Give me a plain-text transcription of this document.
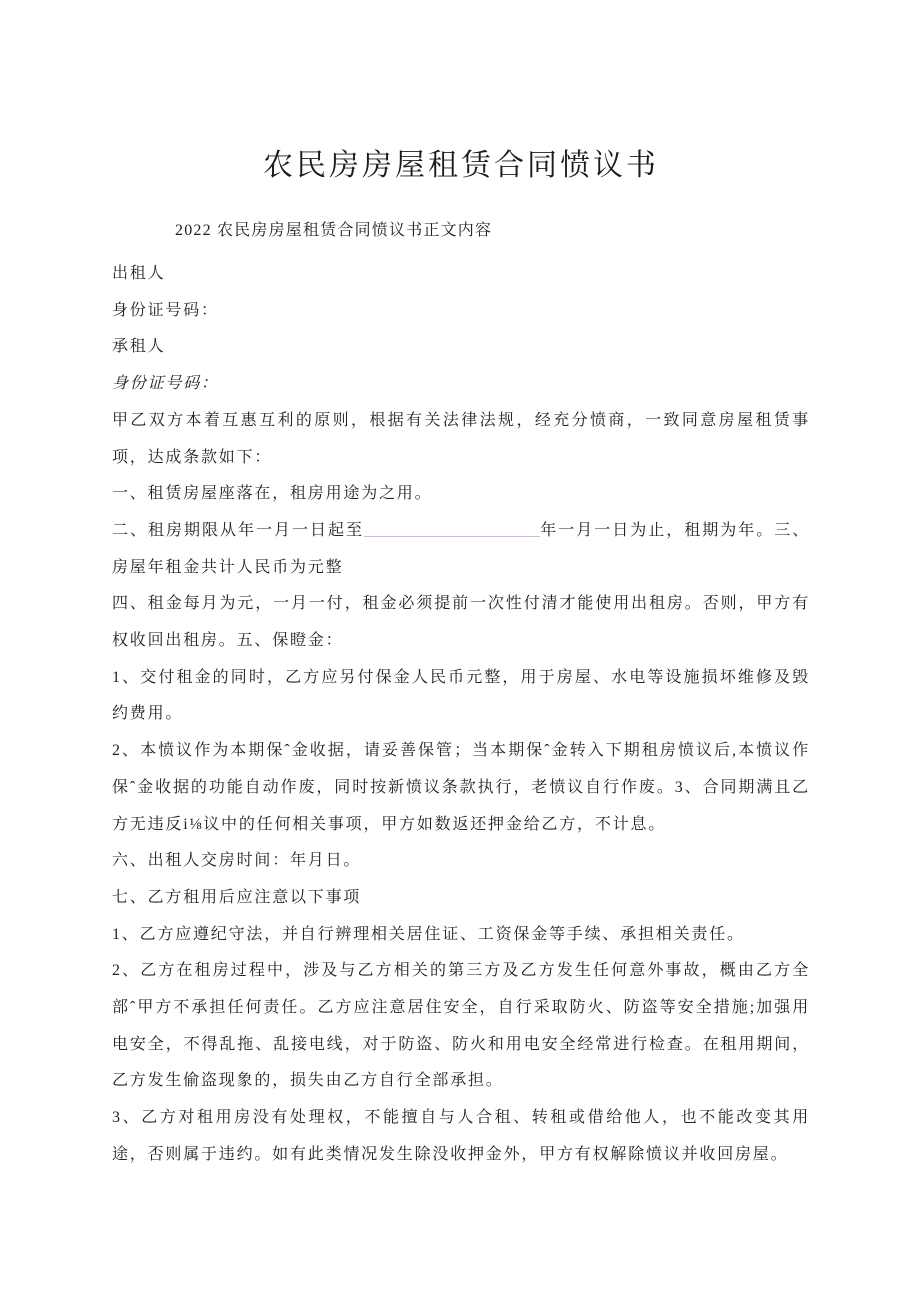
农民房房屋租赁合同愤议书

2022 农民房房屋租赁合同愤议书正文内容

出租人

身份证号码：

承租人

身份证号码：

甲乙双方本着互惠互利的原则，根据有关法律法规，经充分愤商，一致同意房屋租赁事项，达成条款如下：

一、租赁房屋座落在，租房用途为之用。

二、租房期限从年一月一日起至______________________年一月一日为止，租期为年。三、房屋年租金共计人民币为元整

四、租金每月为元，一月一付，租金必须提前一次性付清才能使用出租房。否则，甲方有权收回出租房。五、保瞪金：

1、交付租金的同时，乙方应另付保金人民币元整，用于房屋、水电等设施损坏维修及毁约费用。

2、本愤议作为本期保ˆ金收据，请妥善保管；当本期保ˆ金转入下期租房愤议后,本愤议作保ˆ金收据的功能自动作废，同时按新愤议条款执行，老愤议自行作废。3、合同期满且乙方无违反i⅛议中的任何相关事项，甲方如数返还押金给乙方，不计息。

六、出租人交房时间：年月日。

七、乙方租用后应注意以下事项

1、乙方应遵纪守法，并自行辨理相关居住证、工资保金等手续、承担相关责任。

2、乙方在租房过程中，涉及与乙方相关的第三方及乙方发生任何意外事故，概由乙方全部ˆ甲方不承担任何责任。乙方应注意居住安全，自行采取防火、防盗等安全措施;加强用电安全，不得乱拖、乱接电线，对于防盗、防火和用电安全经常进行检查。在租用期间，乙方发生偷盗现象的，损失由乙方自行全部承担。

3、乙方对租用房没有处理权，不能擅自与人合租、转租或借给他人，也不能改变其用途，否则属于违约。如有此类情况发生除没收押金外，甲方有权解除愤议并收回房屋。
